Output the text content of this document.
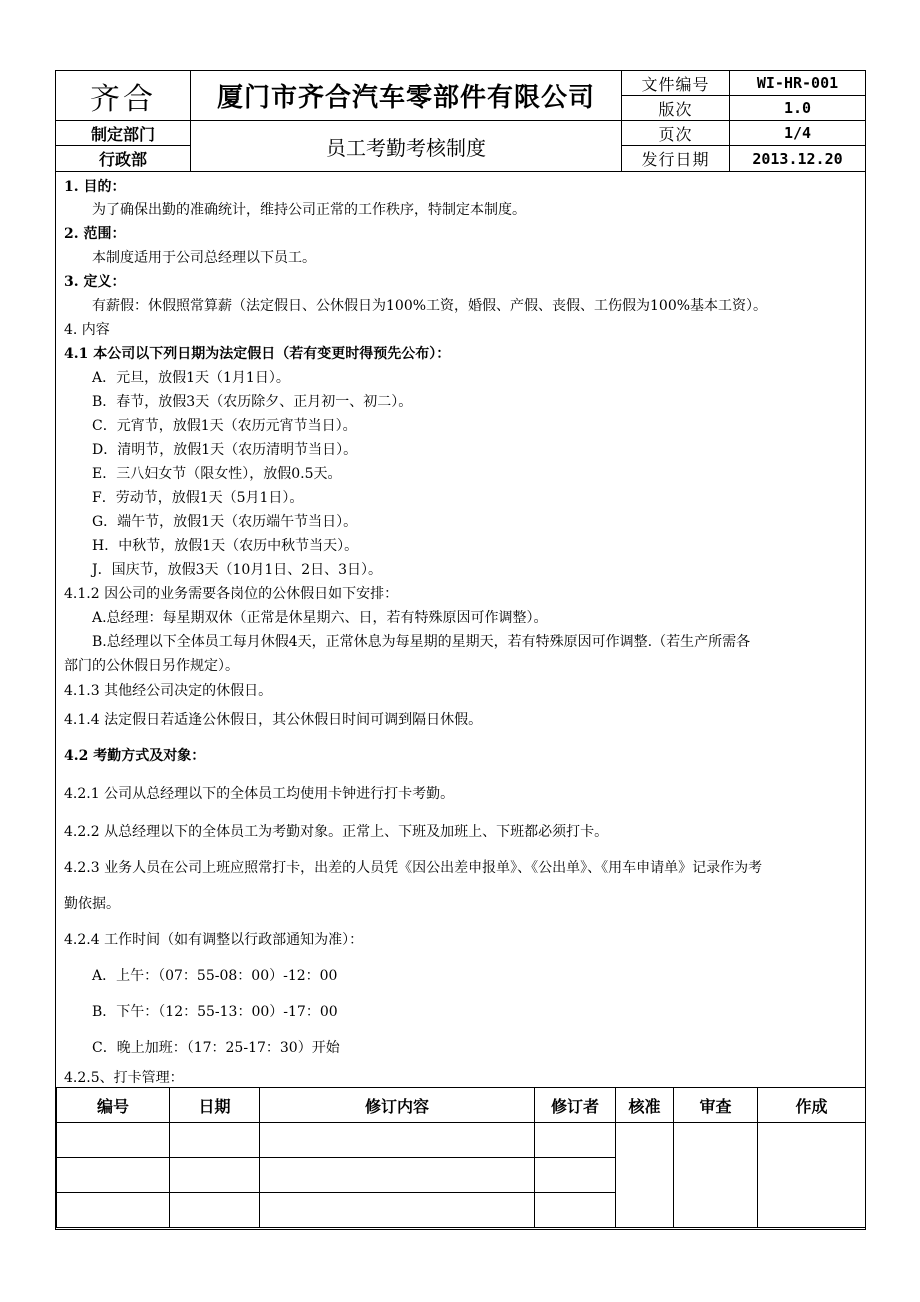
齐合	厦门市齐合汽车零部件有限公司
制定部门
行政部	员工考勤考核制度
文件编号	WI-HR-001
版次	1.0
页次	1/4
发行日期	2013.12.20
1. 目的：
为了确保出勤的准确统计，维持公司正常的工作秩序，特制定本制度。
2. 范围：
本制度适用于公司总经理以下员工。
3. 定义：
有薪假：休假照常算薪（法定假日、公休假日为100%工资，婚假、产假、丧假、工伤假为100%基本工资）。
4. 内容
4.1 本公司以下列日期为法定假日（若有变更时得预先公布）：
A．元旦，放假1天（1月1日）。
B．春节，放假3天（农历除夕、正月初一、初二）。
C．元宵节，放假1天（农历元宵节当日）。
D．清明节，放假1天（农历清明节当日）。
E．三八妇女节（限女性），放假0.5天。
F．劳动节，放假1天（5月1日）。
G．端午节，放假1天（农历端午节当日）。
H．中秋节，放假1天（农历中秋节当天）。
J．国庆节，放假3天（10月1日、2日、3日）。
4.1.2 因公司的业务需要各岗位的公休假日如下安排：
A.总经理：每星期双休（正常是休星期六、日，若有特殊原因可作调整）。
B.总经理以下全体员工每月休假4天，正常休息为每星期的星期天，若有特殊原因可作调整.（若生产所需各
部门的公休假日另作规定）。
4.1.3 其他经公司决定的休假日。
4.1.4 法定假日若适逢公休假日，其公休假日时间可调到隔日休假。
4.2 考勤方式及对象：
4.2.1 公司从总经理以下的全体员工均使用卡钟进行打卡考勤。
4.2.2 从总经理以下的全体员工为考勤对象。正常上、下班及加班上、下班都必须打卡。
4.2.3 业务人员在公司上班应照常打卡，出差的人员凭《因公出差申报单》、《公出单》、《用车申请单》记录作为考
勤依据。
4.2.4 工作时间（如有调整以行政部通知为准）：
A．上午：（07：55-08：00）-12：00
B．下午：（12：55-13：00）-17：00
C．晚上加班：（17：25-17：30）开始
4.2.5、打卡管理：
编号	日期	修订内容	修订者	核准	审查	作成
